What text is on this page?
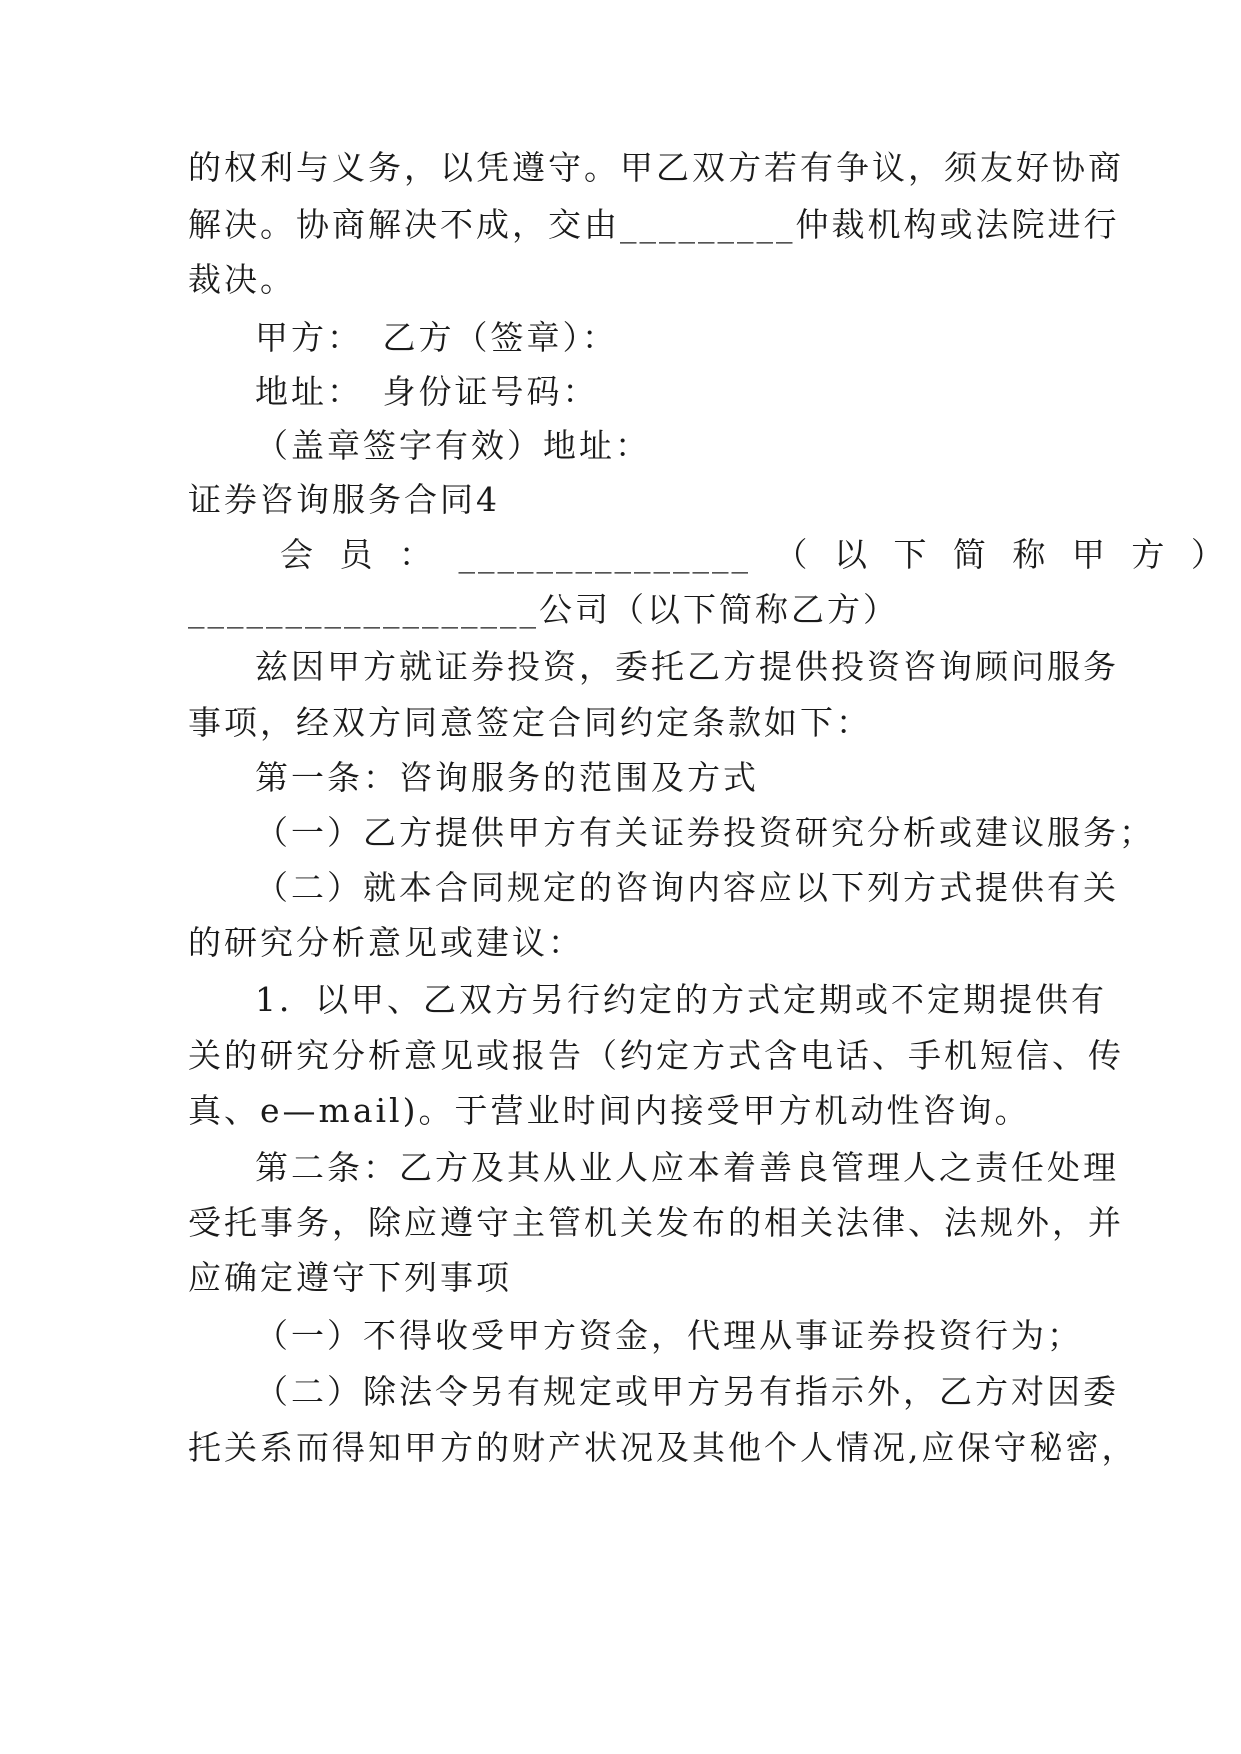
的权利与义务，以凭遵守。甲乙双方若有争议，须友好协商
解决。协商解决不成，交由_________仲裁机构或法院进行
裁决。
甲方：　乙方（签章）：
地址：　身份证号码：
（盖章签字有效）地址：
证券咨询服务合同4
会 员 ： _______________ （ 以 下 简 称 甲 方 ）
__________________公司（以下简称乙方）
兹因甲方就证券投资，委托乙方提供投资咨询顾问服务
事项，经双方同意签定合同约定条款如下：
第一条：咨询服务的范围及方式
（一）乙方提供甲方有关证券投资研究分析或建议服务；
（二）就本合同规定的咨询内容应以下列方式提供有关
的研究分析意见或建议：
1．以甲、乙双方另行约定的方式定期或不定期提供有
关的研究分析意见或报告（约定方式含电话、手机短信、传
真、e—mail)。于营业时间内接受甲方机动性咨询。
第二条：乙方及其从业人应本着善良管理人之责任处理
受托事务，除应遵守主管机关发布的相关法律、法规外，并
应确定遵守下列事项
（一）不得收受甲方资金，代理从事证券投资行为；
（二）除法令另有规定或甲方另有指示外，乙方对因委
托关系而得知甲方的财产状况及其他个人情况,应保守秘密，
